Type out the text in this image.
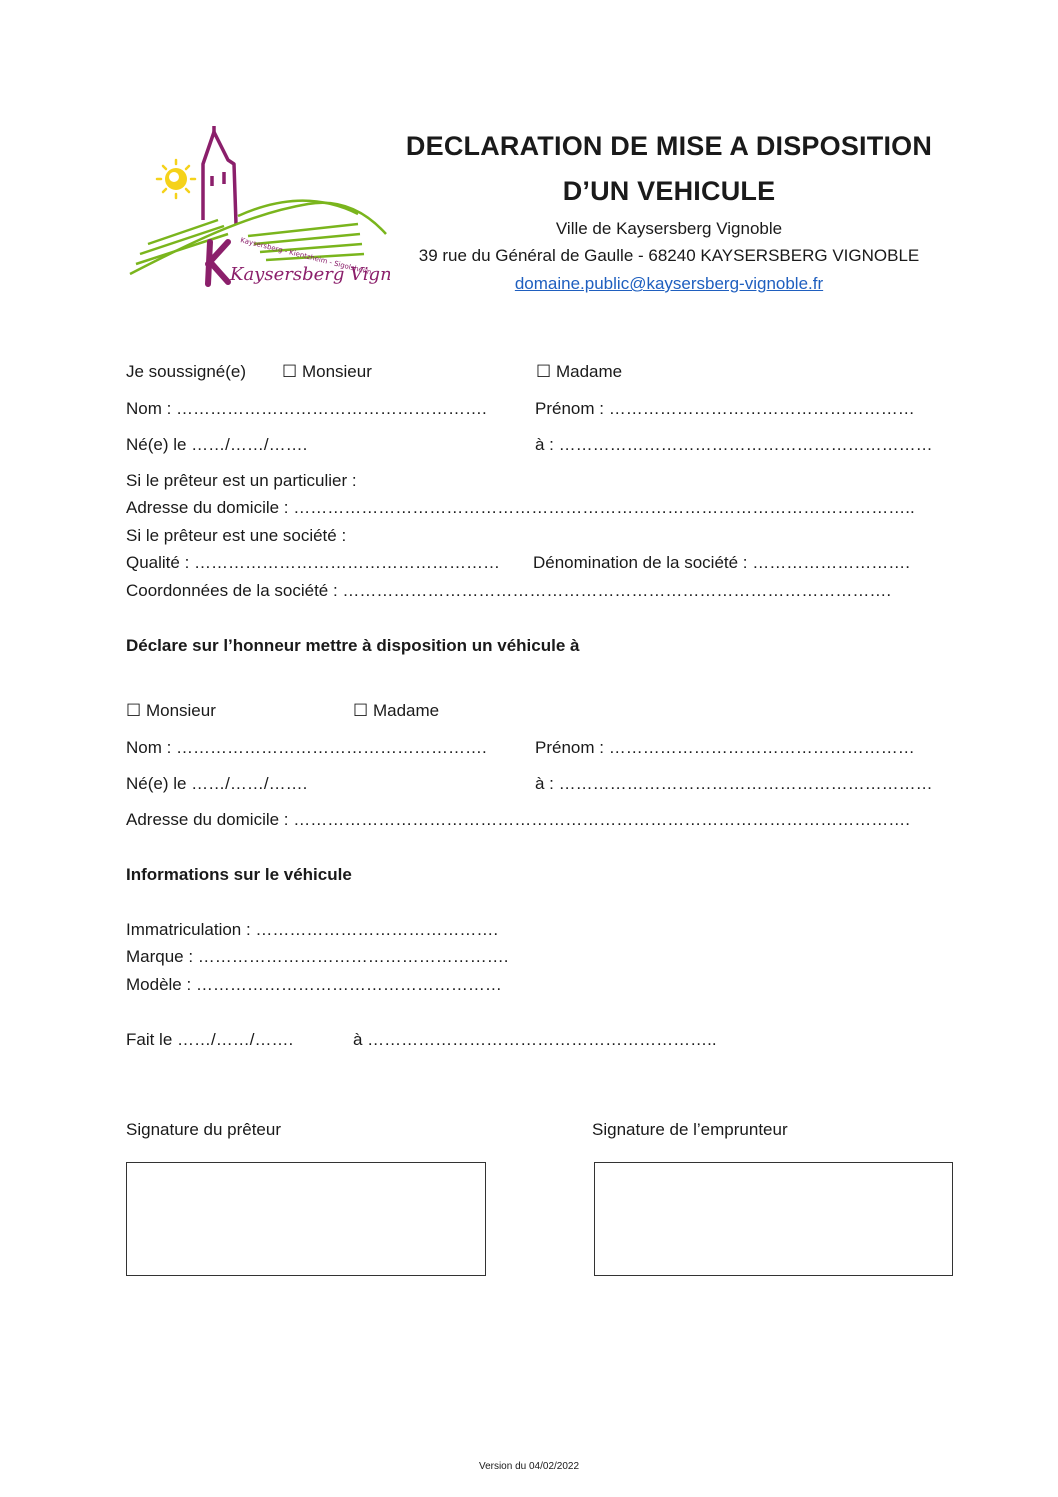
Kaysersberg Vign
Kaysersberg - Kientzheim - Sigolsheim
DECLARATION DE MISE A DISPOSITION
D’UN VEHICULE
Ville de Kaysersberg Vignoble
39 rue du Général de Gaulle - 68240 KAYSERSBERG VIGNOBLE
domaine.public@kaysersberg-vignoble.fr
Je soussigné(e) ☐ Monsieur	☐ Madame
Nom : ……………………………………………….	Prénom : ………………………………………………
Né(e) le ……/……/…….	à : …………………………………………………………
Si le prêteur est un particulier :
Adresse du domicile : ………………………………………………………………………………………………..
Si le prêteur est une société :
Qualité : ……………………………………………… Dénomination de la société : ……………………….
Coordonnées de la société : …………………………………………………………………………………….
Déclare sur l’honneur mettre à disposition un véhicule à
☐ Monsieur	☐ Madame
Nom : ……………………………………………….	Prénom : ………………………………………………
Né(e) le ……/……/…….	à : …………………………………………………………
Adresse du domicile : ……………………………………………………………………………………………….
Informations sur le véhicule
Immatriculation : …………………………………….
Marque : ……………………………………………….
Modèle : ………………………………………………
Fait le ……/……/…….	à ……………………………………………………..
Signature du prêteur	Signature de l’emprunteur
Version du 04/02/2022
